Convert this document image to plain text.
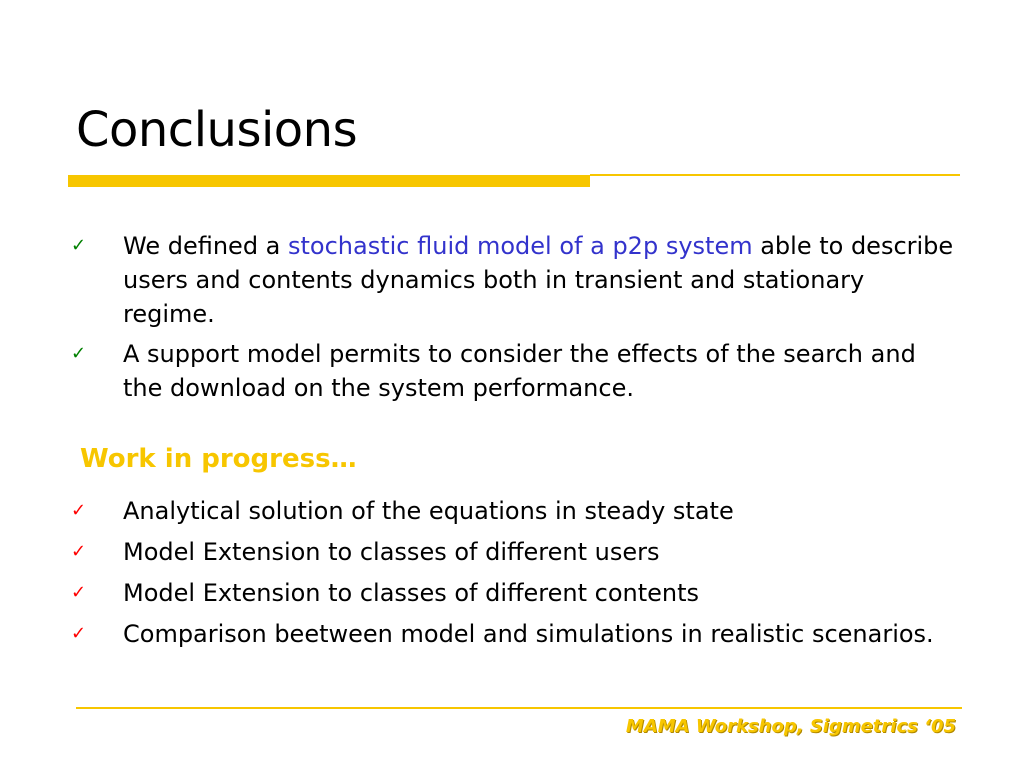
Conclusions
✓ We defined a stochastic fluid model of a p2p system able to describe users and contents dynamics both in transient and stationary regime.
✓ A support model permits to consider the effects of the search and the download on the system performance.
Work in progress…
✓ Analytical solution of the equations in steady state
✓ Model Extension to classes of different users
✓ Model Extension to classes of different contents
✓ Comparison beetween model and simulations in realistic scenarios.
MAMA Workshop, Sigmetrics ‘05
